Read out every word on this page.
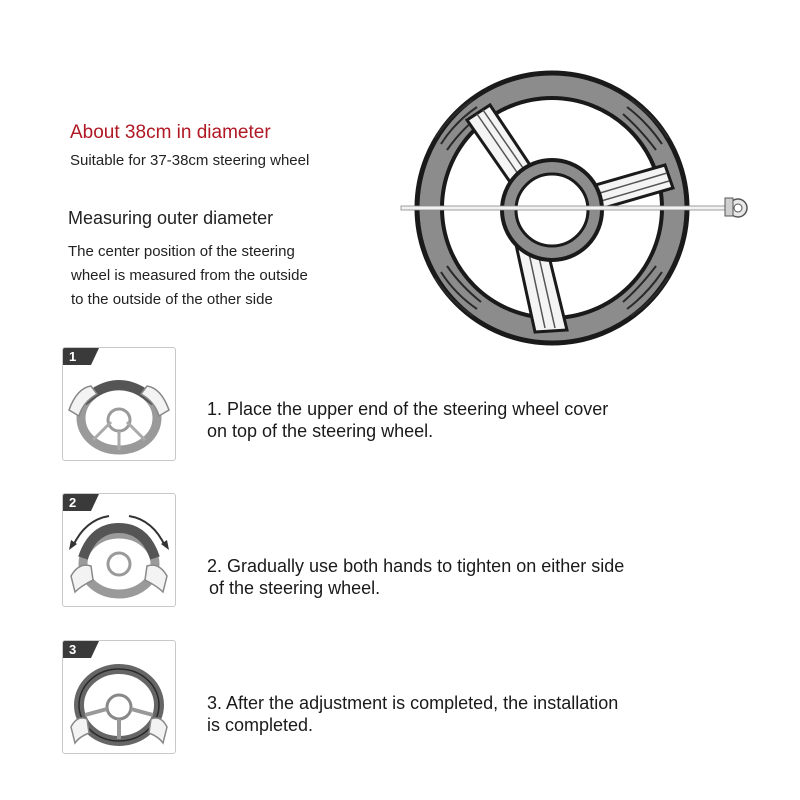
About 38cm in diameter
Suitable for 37-38cm steering wheel
Measuring outer diameter
The center position of the steering
wheel is measured from the outside
to the outside of the other side
1
1. Place the upper end of the steering wheel cover
on top of the steering wheel.
2
2. Gradually use both hands to tighten on either side
of the steering wheel.
3
3. After the adjustment is completed, the installation
is completed.
